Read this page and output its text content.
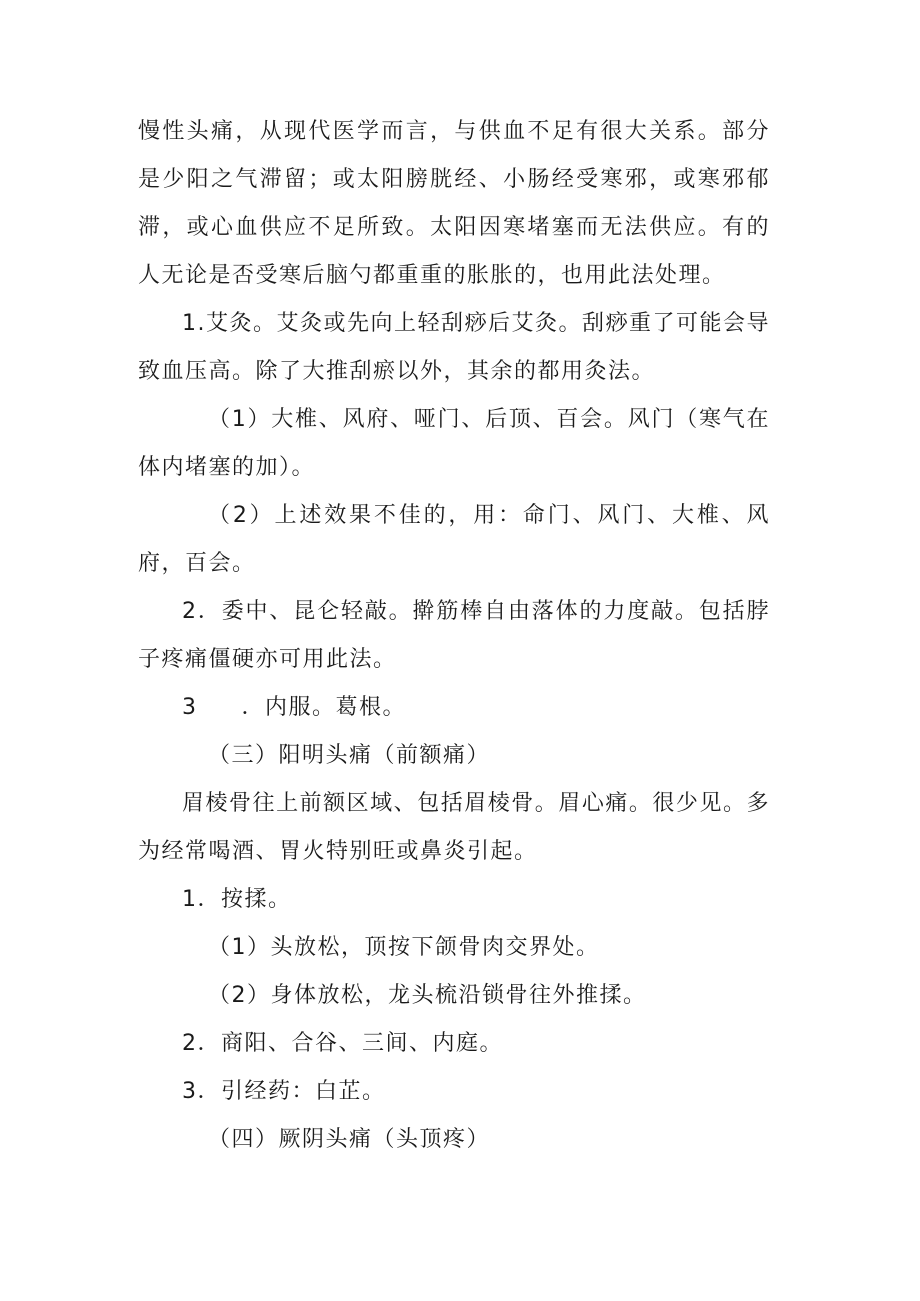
慢性头痛，从现代医学而言，与供血不足有很大关系。部分是少阳之气滞留；或太阳膀胱经、小肠经受寒邪，或寒邪郁滞，或心血供应不足所致。太阳因寒堵塞而无法供应。有的人无论是否受寒后脑勺都重重的胀胀的，也用此法处理。

1.艾灸。艾灸或先向上轻刮痧后艾灸。刮痧重了可能会导致血压高。除了大推刮瘀以外，其余的都用灸法。

（1）大椎、风府、哑门、后顶、百会。风门（寒气在体内堵塞的加）。

（2）上述效果不佳的，用：命门、风门、大椎、风府，百会。

2．委中、昆仑轻敲。擀筋棒自由落体的力度敲。包括脖子疼痛僵硬亦可用此法。

3 ．内服。葛根。

（三）阳明头痛（前额痛）

眉棱骨往上前额区域、包括眉棱骨。眉心痛。很少见。多为经常喝酒、胃火特别旺或鼻炎引起。

1．按揉。

（1）头放松，顶按下颌骨肉交界处。

（2）身体放松，龙头梳沿锁骨往外推揉。

2．商阳、合谷、三间、内庭。

3．引经药：白芷。

（四）厥阴头痛（头顶疼）
